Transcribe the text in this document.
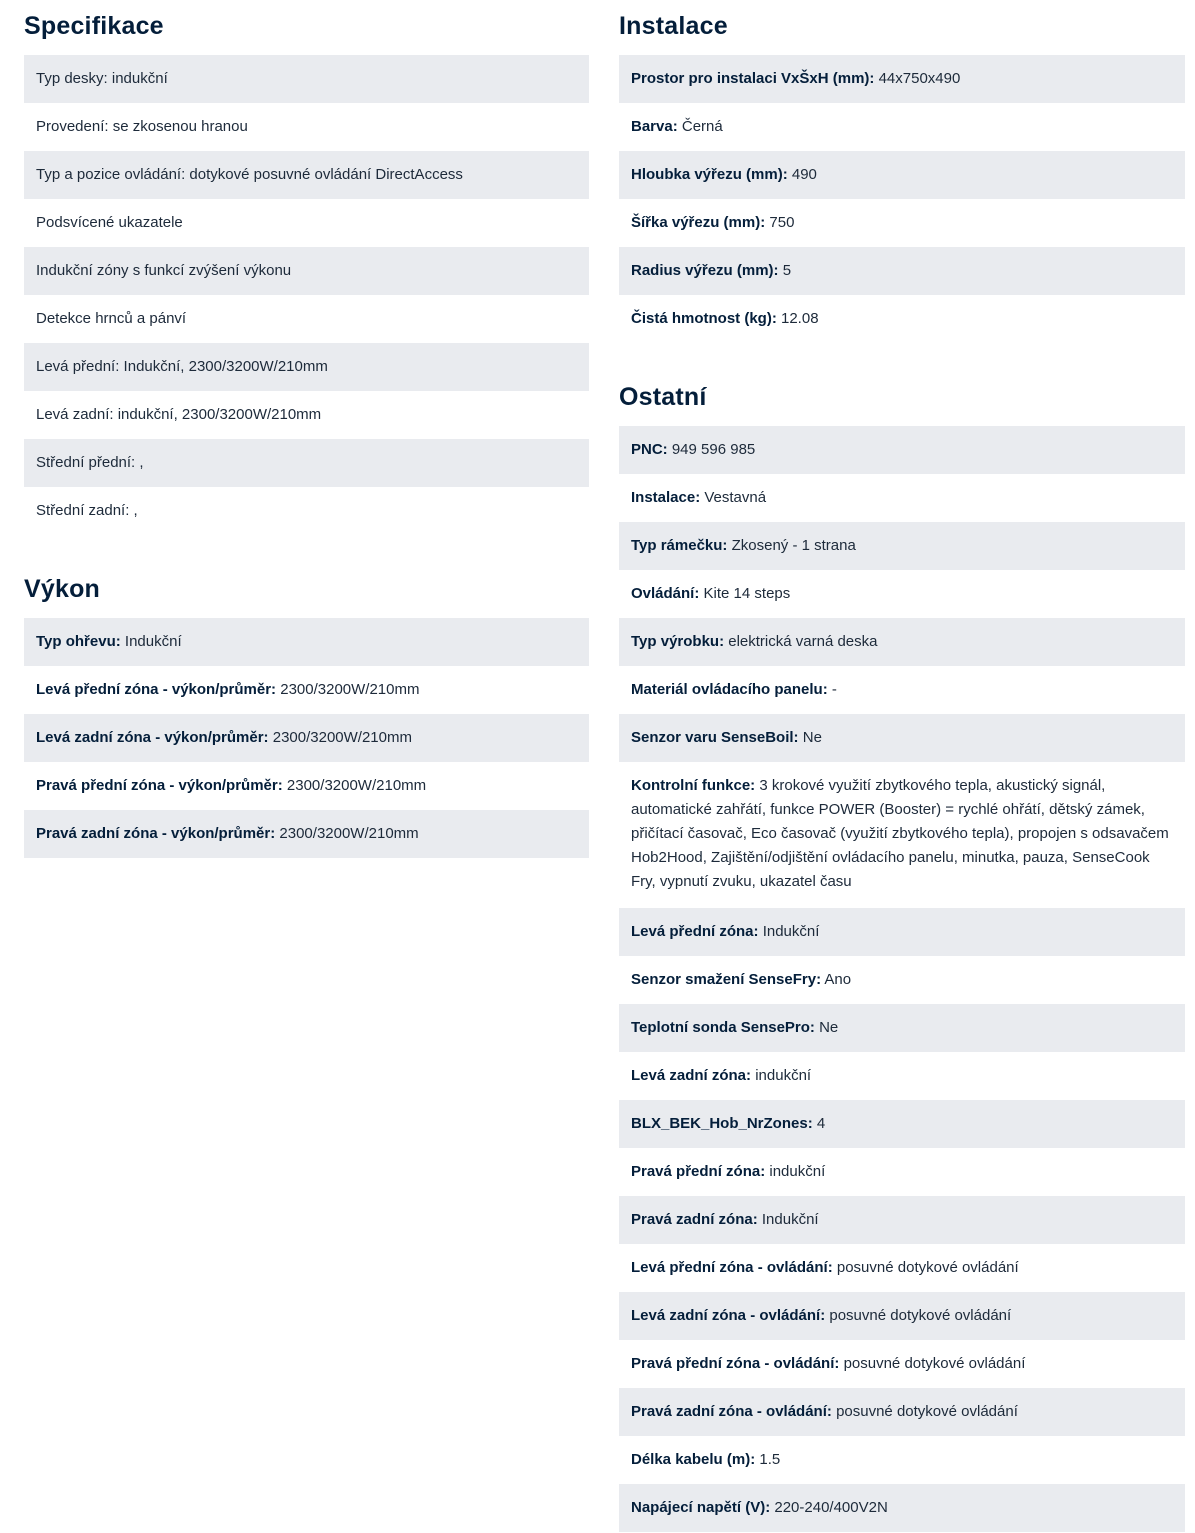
Specifikace
Typ desky: indukční
Provedení: se zkosenou hranou
Typ a pozice ovládání: dotykové posuvné ovládání DirectAccess
Podsvícené ukazatele
Indukční zóny s funkcí zvýšení výkonu
Detekce hrnců a pánví
Levá přední: Indukční, 2300/3200W/210mm
Levá zadní: indukční, 2300/3200W/210mm
Střední přední: ,
Střední zadní: ,
Výkon
Typ ohřevu: Indukční
Levá přední zóna - výkon/průměr: 2300/3200W/210mm
Levá zadní zóna - výkon/průměr: 2300/3200W/210mm
Pravá přední zóna - výkon/průměr: 2300/3200W/210mm
Pravá zadní zóna - výkon/průměr: 2300/3200W/210mm
Instalace
Prostor pro instalaci VxŠxH (mm): 44x750x490
Barva: Černá
Hloubka výřezu (mm): 490
Šířka výřezu (mm): 750
Radius výřezu (mm): 5
Čistá hmotnost (kg): 12.08
Ostatní
PNC: 949 596 985
Instalace: Vestavná
Typ rámečku: Zkosený - 1 strana
Ovládání: Kite 14 steps
Typ výrobku: elektrická varná deska
Materiál ovládacího panelu: -
Senzor varu SenseBoil: Ne
Kontrolní funkce: 3 krokové využití zbytkového tepla, akustický signál, automatické zahřátí, funkce POWER (Booster) = rychlé ohřátí, dětský zámek, přičítací časovač, Eco časovač (využití zbytkového tepla), propojen s odsavačem Hob2Hood, Zajištění/odjištění ovládacího panelu, minutka, pauza, SenseCook Fry, vypnutí zvuku, ukazatel času
Levá přední zóna: Indukční
Senzor smažení SenseFry: Ano
Teplotní sonda SensePro: Ne
Levá zadní zóna: indukční
BLX_BEK_Hob_NrZones: 4
Pravá přední zóna: indukční
Pravá zadní zóna: Indukční
Levá přední zóna - ovládání: posuvné dotykové ovládání
Levá zadní zóna - ovládání: posuvné dotykové ovládání
Pravá přední zóna - ovládání: posuvné dotykové ovládání
Pravá zadní zóna - ovládání: posuvné dotykové ovládání
Délka kabelu (m): 1.5
Napájecí napětí (V): 220-240/400V2N
